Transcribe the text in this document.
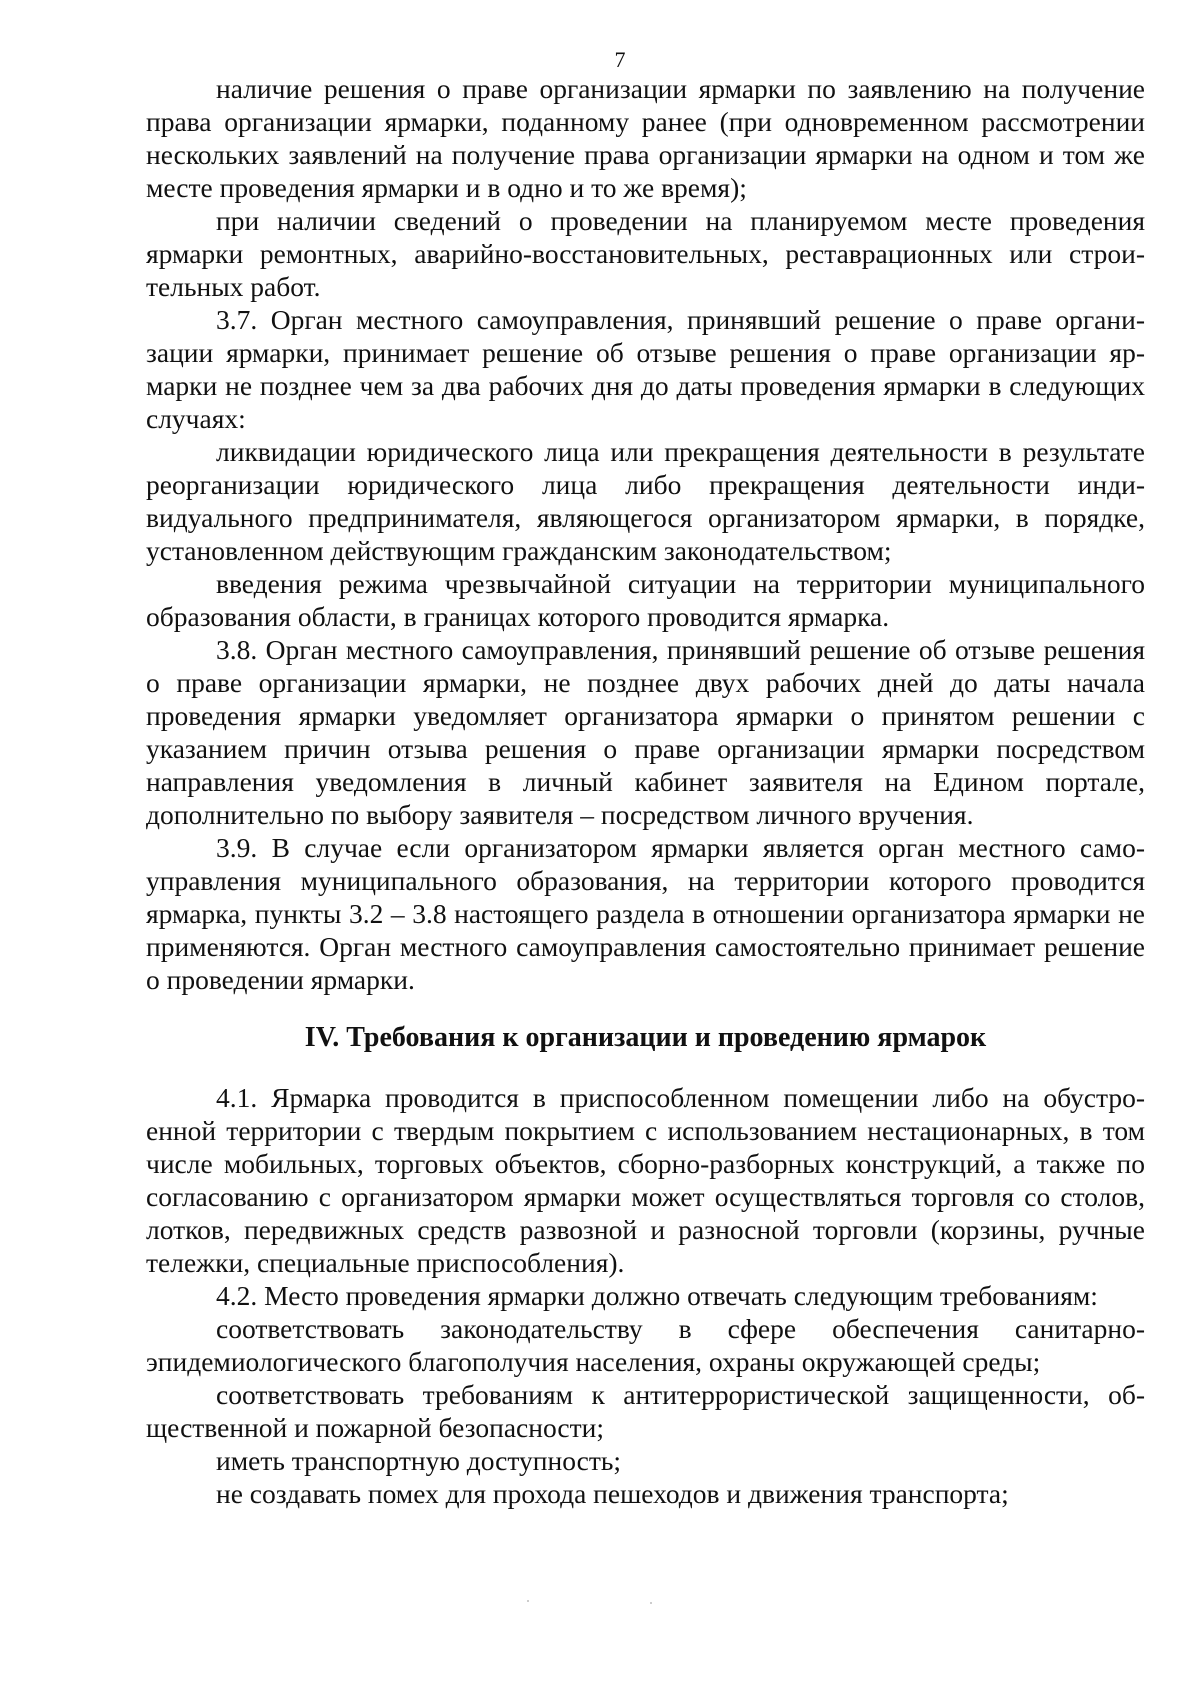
7

наличие решения о праве организации ярмарки по заявлению на получение права организации ярмарки, поданному ранее (при одновременном рассмотрении нескольких заявлений на получение права организации ярмарки на одном и том же месте проведения ярмарки и в одно и то же время);

при наличии сведений о проведении на планируемом месте проведения ярмарки ремонтных, аварийно-восстановительных, реставрационных или строительных работ.

3.7. Орган местного самоуправления, принявший решение о праве организации ярмарки, принимает решение об отзыве решения о праве организации ярмарки не позднее чем за два рабочих дня до даты проведения ярмарки в следующих случаях:

ликвидации юридического лица или прекращения деятельности в результате реорганизации юридического лица либо прекращения деятельности индивидуального предпринимателя, являющегося организатором ярмарки, в порядке, установленном действующим гражданским законодательством;

введения режима чрезвычайной ситуации на территории муниципального образования области, в границах которого проводится ярмарка.

3.8. Орган местного самоуправления, принявший решение об отзыве решения о праве организации ярмарки, не позднее двух рабочих дней до даты начала проведения ярмарки уведомляет организатора ярмарки о принятом решении с указанием причин отзыва решения о праве организации ярмарки посредством направления уведомления в личный кабинет заявителя на Едином портале, дополнительно по выбору заявителя – посредством личного вручения.

3.9. В случае если организатором ярмарки является орган местного самоуправления муниципального образования, на территории которого проводится ярмарка, пункты 3.2 – 3.8 настоящего раздела в отношении организатора ярмарки не применяются. Орган местного самоуправления самостоятельно принимает решение о проведении ярмарки.

IV. Требования к организации и проведению ярмарок

4.1. Ярмарка проводится в приспособленном помещении либо на обустроенной территории с твердым покрытием с использованием нестационарных, в том числе мобильных, торговых объектов, сборно-разборных конструкций, а также по согласованию с организатором ярмарки может осуществляться торговля со столов, лотков, передвижных средств развозной и разносной торговли (корзины, ручные тележки, специальные приспособления).

4.2. Место проведения ярмарки должно отвечать следующим требованиям:

соответствовать законодательству в сфере обеспечения санитарно-эпидемиологического благополучия населения, охраны окружающей среды;

соответствовать требованиям к антитеррористической защищенности, общественной и пожарной безопасности;

иметь транспортную доступность;

не создавать помех для прохода пешеходов и движения транспорта;
